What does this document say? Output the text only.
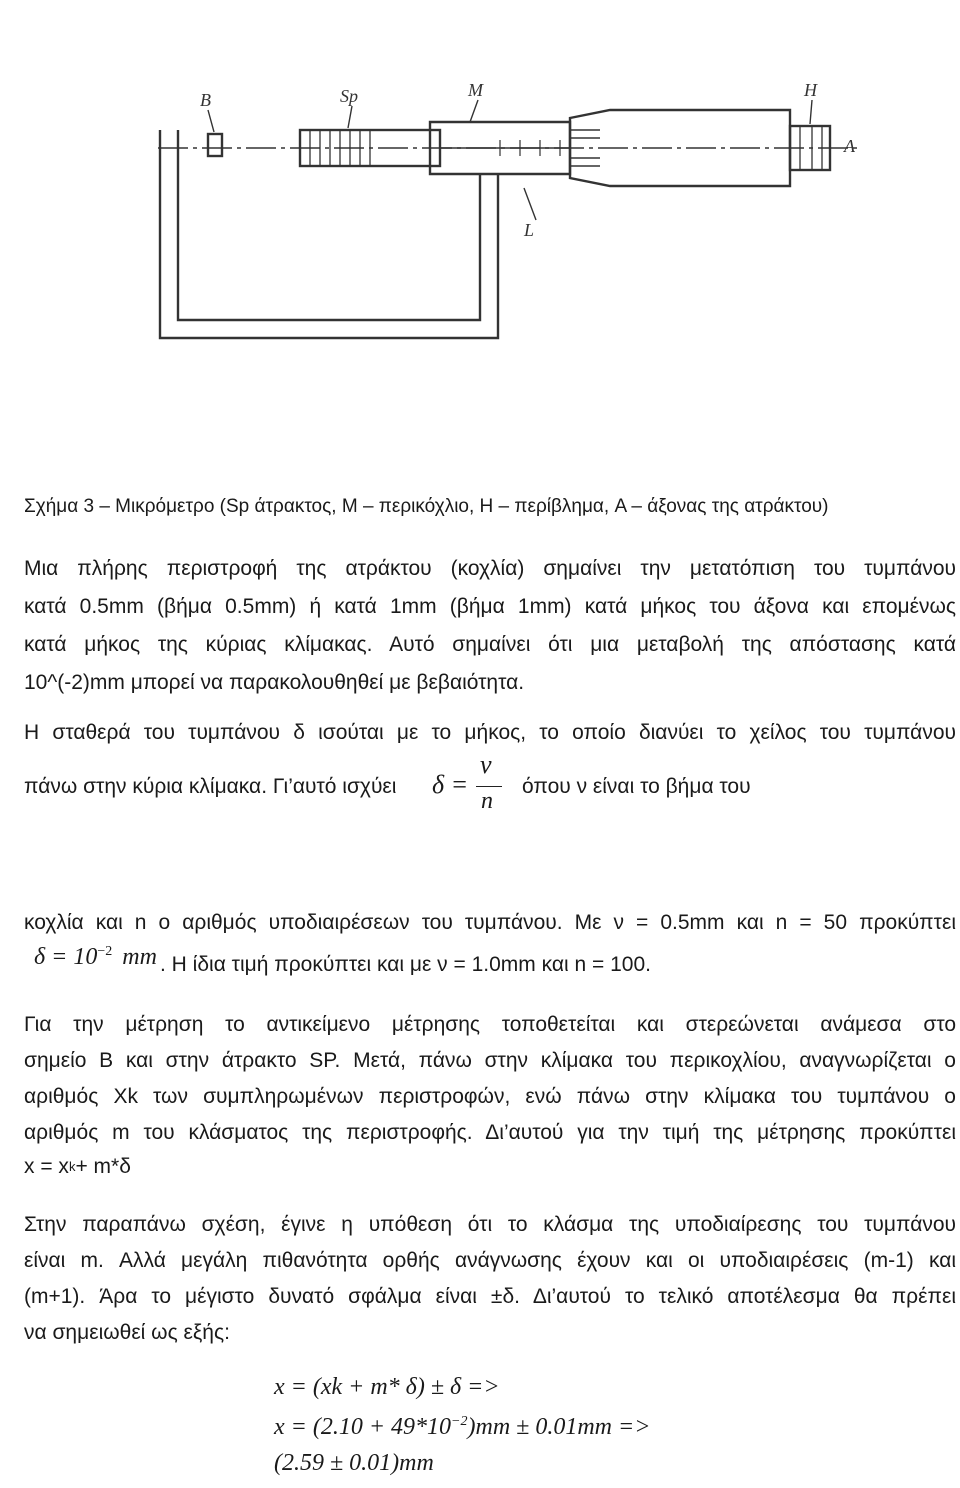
B	Sp	M	H
A
L
Σχήμα 3 – Μικρόμετρο (Sp άτρακτος, M – περικόχλιο, H – περίβλημα, A – άξονας της ατράκτου)
Μια πλήρης περιστροφή της ατράκτου (κοχλία) σημαίνει την μετατόπιση του τυμπάνου
κατά 0.5mm (βήμα 0.5mm) ή κατά 1mm (βήμα 1mm) κατά μήκος του άξονα και επομένως
κατά μήκος της κύριας κλίμακας. Αυτό σημαίνει ότι μια μεταβολή της απόστασης κατά
10^(-2)mm μπορεί να παρακολουθηθεί με βεβαιότητα.
Η σταθερά του τυμπάνου δ ισούται με το μήκος, το οποίο διανύει το χείλος του τυμπάνου
πάνω στην κύρια κλίμακα. Γι’αυτό ισχύει δ =
ν
n
όπου ν είναι το βήμα του
κοχλία και n ο αριθμός υποδιαιρέσεων του τυμπάνου. Με ν = 0.5mm και n = 50 προκύπτει
$\delta = 10^{-2}$ mm . Η ίδια τιμή προκύπτει και με ν = 1.0mm και n = 100.
Για την μέτρηση το αντικείμενο μέτρησης τοποθετείται και στερεώνεται ανάμεσα στο
σημείο B και στην άτρακτο SP. Μετά, πάνω στην κλίμακα του περικοχλίου, αναγνωρίζεται ο
αριθμός Xk των συμπληρωμένων περιστροφών, ενώ πάνω στην κλίμακα του τυμπάνου ο
αριθμός m του κλάσματος της περιστροφής. Δι’αυτού για την τιμή της μέτρησης προκύπτει
x = x k + m*δ
Στην παραπάνω σχέση, έγινε η υπόθεση ότι το κλάσμα της υποδιαίρεσης του τυμπάνου
είναι m. Αλλά μεγάλη πιθανότητα ορθής ανάγνωσης έχουν και οι υποδιαιρέσεις (m-1) και
(m+1). Άρα το μέγιστο δυνατό σφάλμα είναι ±δ. Δι’αυτού το τελικό αποτέλεσμα θα πρέπει
να σημειωθεί ως εξής:
x = (xk + m* δ) ± δ =>
$x = (2.10 + 49*10^{-2})mm \pm 0.01mm$ =>
(2.59 ± 0.01)mm
